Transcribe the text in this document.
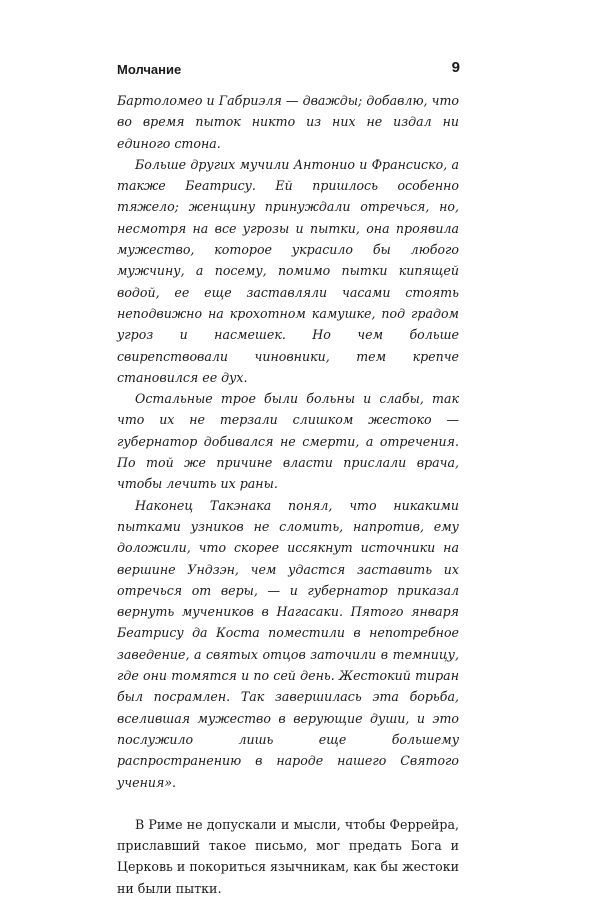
Молчание	9

Бартоломео и Габриэля — дважды; добавлю, что во время пыток никто из них не издал ни единого стона.

Больше других мучили Антонио и Франсиско, а также Беатрису. Ей пришлось особенно тяжело; женщину принуждали отречься, но, несмотря на все угрозы и пытки, она проявила мужество, которое украсило бы любого мужчину, а посему, помимо пытки кипящей водой, ее еще заставляли часами стоять неподвижно на крохотном камушке, под градом угроз и насмешек. Но чем больше свирепствовали чиновники, тем крепче становился ее дух.

Остальные трое были больны и слабы, так что их не терзали слишком жестоко — губернатор добивался не смерти, а отречения. По той же причине власти прислали врача, чтобы лечить их раны.

Наконец Такэнака понял, что никакими пытками узников не сломить, напротив, ему доложили, что скорее иссякнут источники на вершине Ундзэн, чем удастся заставить их отречься от веры, — и губернатор приказал вернуть мучеников в Нагасаки. Пятого января Беатрису да Коста поместили в непотребное заведение, а святых отцов заточили в темницу, где они томятся и по сей день. Жестокий тиран был посрамлен. Так завершилась эта борьба, вселившая мужество в верующие души, и это послужило лишь еще большему распространению в народе нашего Святого учения».

В Риме не допускали и мысли, чтобы Феррейра, приславший такое письмо, мог предать Бога и Церковь и покориться язычникам, как бы жестоки ни были пытки.
